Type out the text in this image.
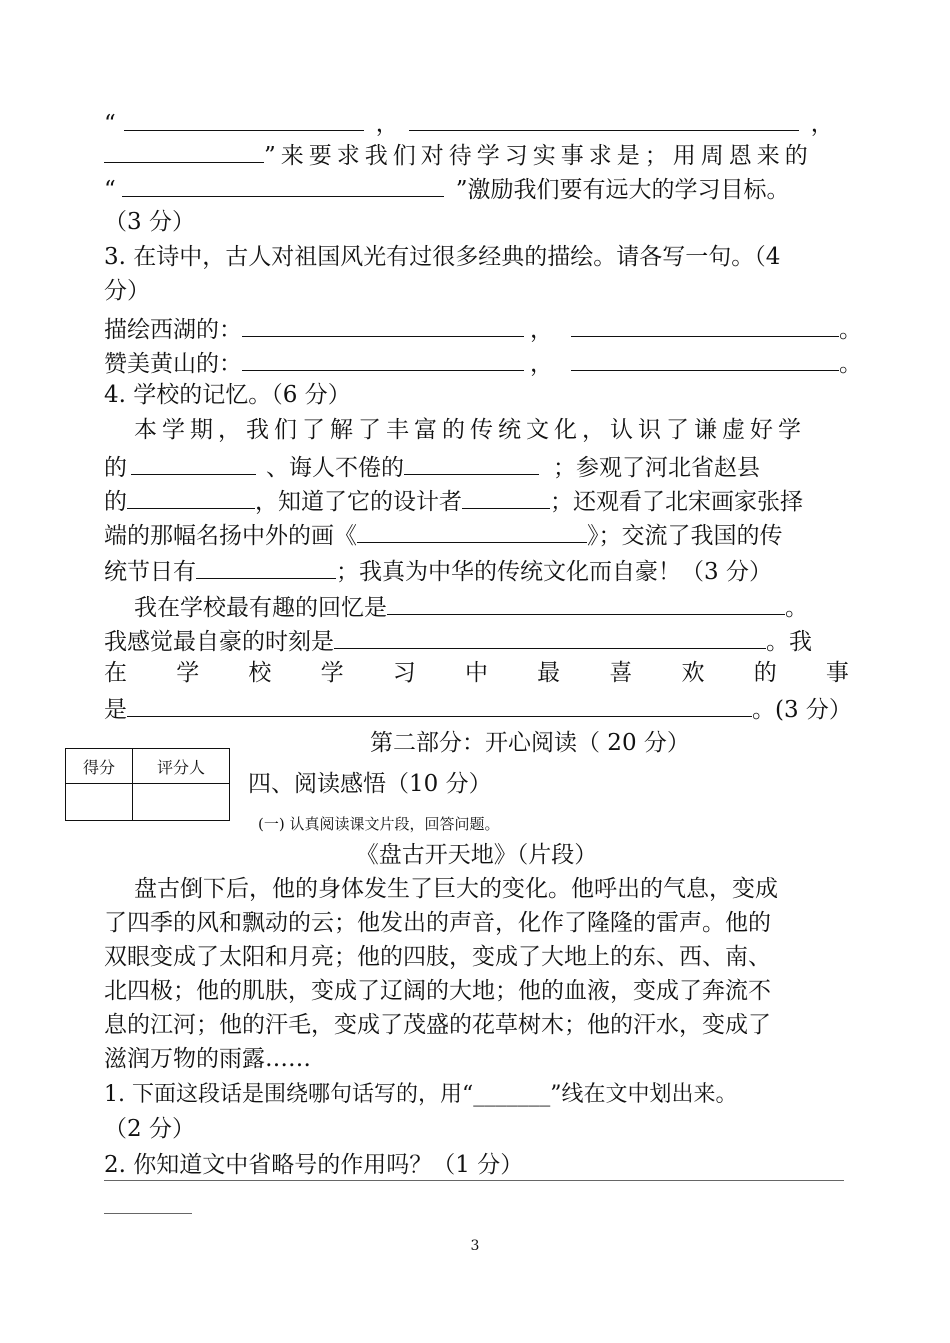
“	，	，
”来要求我们对待学习实事求是；用周恩来的
“	”激励我们要有远大的学习目标。
（3 分）
3. 在诗中，古人对祖国风光有过很多经典的描绘。请各写一句。（4
分）
描绘西湖的：	，	。
赞美黄山的：	，	。
4. 学校的记忆。（6 分）
本学期，我们了解了丰富的传统文化，认识了谦虚好学
的	、诲人不倦的	；参观了河北省赵县
的	，知道了它的设计者	；还观看了北宋画家张择
端的那幅名扬中外的画《	》；交流了我国的传
统节日有	；我真为中华的传统文化而自豪！（3 分）
我在学校最有趣的回忆是	。
我感觉最自豪的时刻是	。我
在 学 校 学 习 中 最 喜 欢 的 事
是	。(3 分）
第二部分：开心阅读（ 20 分）
得分	评分人

四、阅读感悟（10 分）
(一) 认真阅读课文片段，回答问题。
《盘古开天地》（片段）
盘古倒下后，他的身体发生了巨大的变化。他呼出的气息，变成
了四季的风和飘动的云；他发出的声音，化作了隆隆的雷声。他的
双眼变成了太阳和月亮；他的四肢，变成了大地上的东、西、南、
北四极；他的肌肤，变成了辽阔的大地；他的血液，变成了奔流不
息的江河；他的汗毛，变成了茂盛的花草树木；他的汗水，变成了
滋润万物的雨露……
1. 下面这段话是围绕哪句话写的，用“_______”线在文中划出来。
（2 分）
2. 你知道文中省略号的作用吗？（1 分）
3
